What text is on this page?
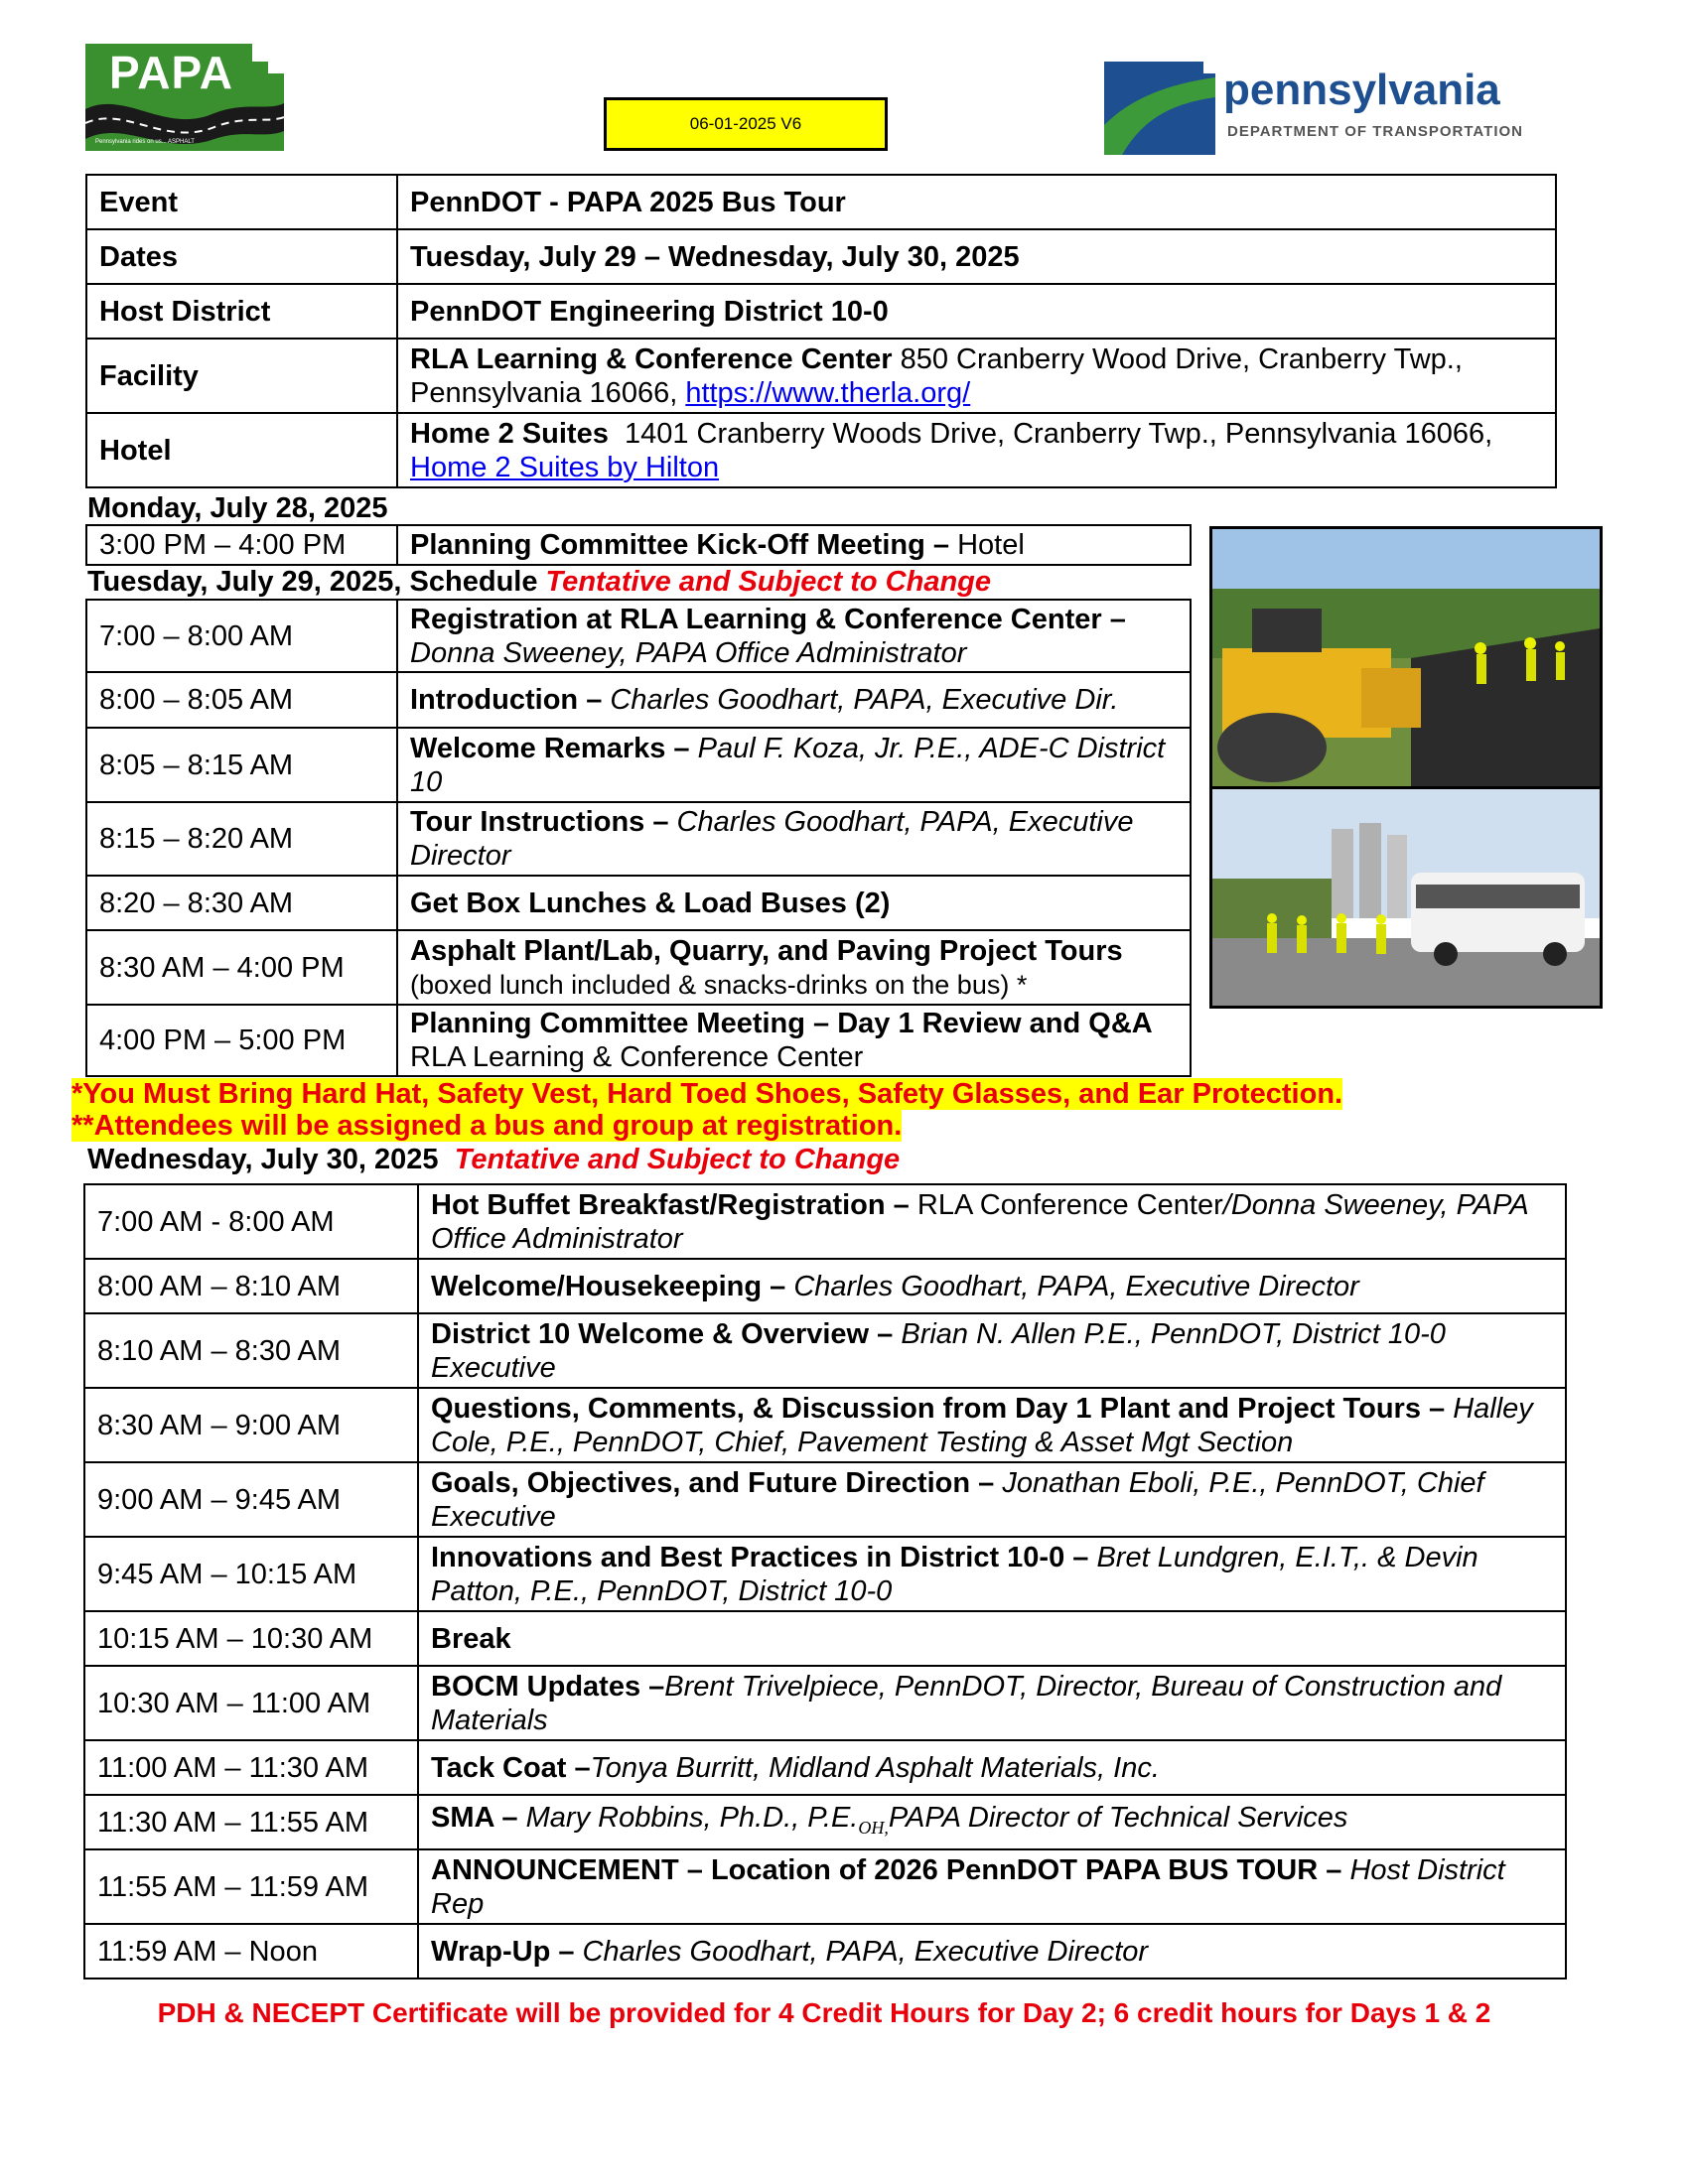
PAPA
Pennsylvania rides on us... ASPHALT
06-01-2025 V6
pennsylvania
DEPARTMENT OF TRANSPORTATION
Event	PennDOT - PAPA 2025 Bus Tour
Dates	Tuesday, July 29 – Wednesday, July 30, 2025
Host District	PennDOT Engineering District 10-0
Facility	RLA Learning & Conference Center 850 Cranberry Wood Drive, Cranberry Twp., Pennsylvania 16066, https://www.therla.org/
Hotel	Home 2 Suites  1401 Cranberry Woods Drive, Cranberry Twp., Pennsylvania 16066, Home 2 Suites by Hilton
Monday, July 28, 2025
3:00 PM – 4:00 PM	Planning Committee Kick-Off Meeting – Hotel
Tuesday, July 29, 2025, Schedule Tentative and Subject to Change
7:00 – 8:00 AM	Registration at RLA Learning & Conference Center –
Donna Sweeney, PAPA Office Administrator
8:00 – 8:05 AM	Introduction – Charles Goodhart, PAPA, Executive Dir.
8:05 – 8:15 AM	Welcome Remarks – Paul F. Koza, Jr. P.E., ADE-C District 10
8:15 – 8:20 AM	Tour Instructions – Charles Goodhart, PAPA, Executive Director
8:20 – 8:30 AM	Get Box Lunches & Load Buses (2)
8:30 AM – 4:00 PM	Asphalt Plant/Lab, Quarry, and Paving Project Tours
(boxed lunch included & snacks-drinks on the bus) *
4:00 PM – 5:00 PM	Planning Committee Meeting – Day 1 Review and Q&A
RLA Learning & Conference Center
*You Must Bring Hard Hat, Safety Vest, Hard Toed Shoes, Safety Glasses, and Ear Protection.
**Attendees will be assigned a bus and group at registration.
Wednesday, July 30, 2025  Tentative and Subject to Change
7:00 AM - 8:00 AM	Hot Buffet Breakfast/Registration – RLA Conference Center/Donna Sweeney, PAPA Office Administrator
8:00 AM – 8:10 AM	Welcome/Housekeeping – Charles Goodhart, PAPA, Executive Director
8:10 AM – 8:30 AM	District 10 Welcome & Overview – Brian N. Allen P.E., PennDOT, District 10-0 Executive
8:30 AM – 9:00 AM	Questions, Comments, & Discussion from Day 1 Plant and Project Tours – Halley Cole, P.E., PennDOT, Chief, Pavement Testing & Asset Mgt Section
9:00 AM – 9:45 AM	Goals, Objectives, and Future Direction – Jonathan Eboli, P.E., PennDOT, Chief Executive
9:45 AM – 10:15 AM	Innovations and Best Practices in District 10-0 – Bret Lundgren, E.I.T,. & Devin Patton, P.E., PennDOT, District 10-0
10:15 AM – 10:30 AM	Break
10:30 AM – 11:00 AM	BOCM Updates –Brent Trivelpiece, PennDOT, Director, Bureau of Construction and Materials
11:00 AM – 11:30 AM	Tack Coat –Tonya Burritt, Midland Asphalt Materials, Inc.
11:30 AM – 11:55 AM	SMA – Mary Robbins, Ph.D., $P.E._{OH,}PAPA$ Director of Technical Services
11:55 AM – 11:59 AM	ANNOUNCEMENT – Location of 2026 PennDOT PAPA BUS TOUR – Host District Rep
11:59 AM – Noon	Wrap-Up – Charles Goodhart, PAPA, Executive Director
PDH & NECEPT Certificate will be provided for 4 Credit Hours for Day 2; 6 credit hours for Days 1 & 2
